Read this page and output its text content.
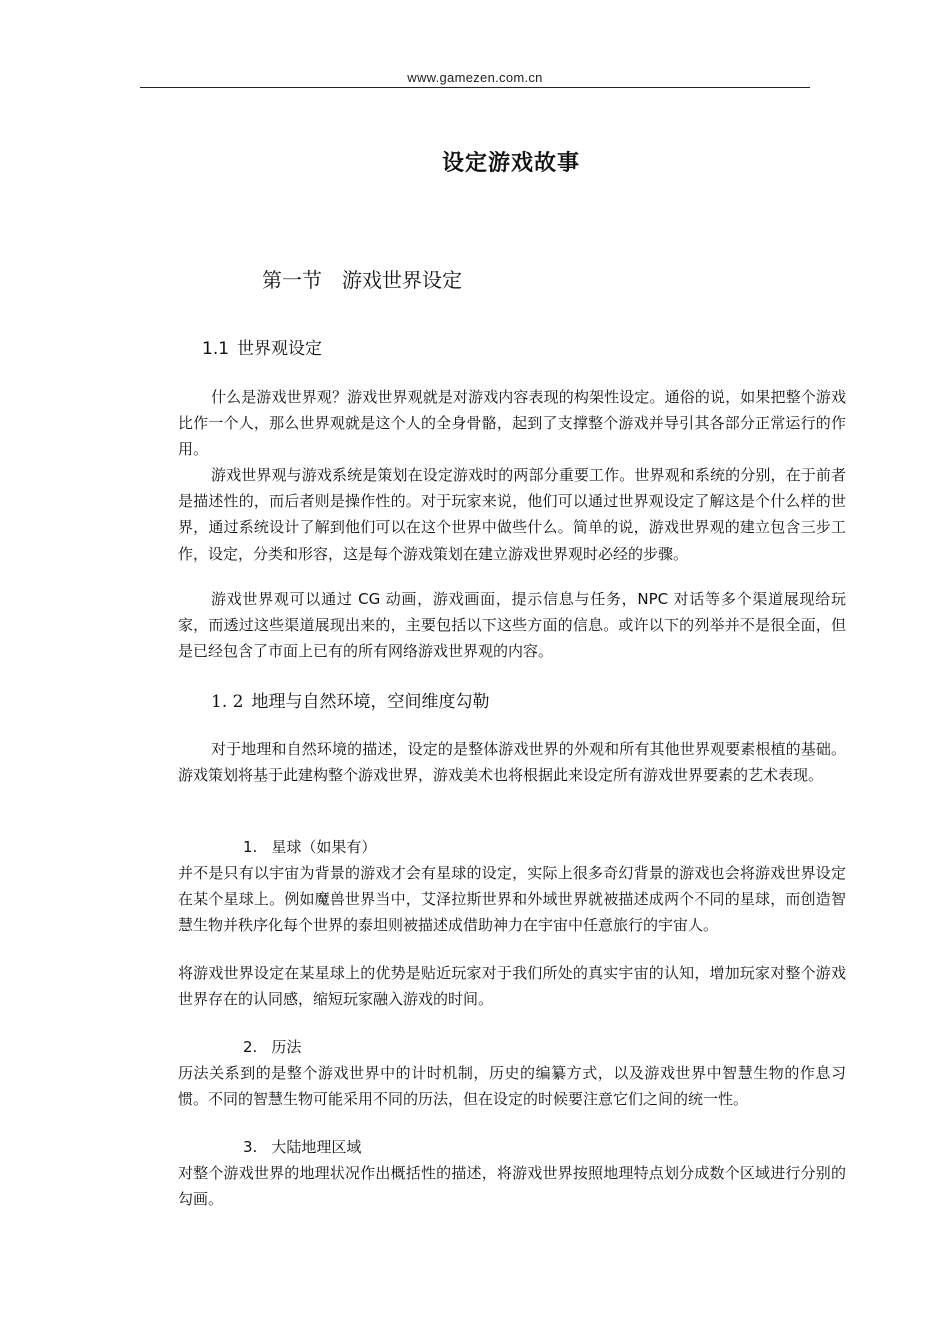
www.gamezen.com.cn
设定游戏故事
第一节 游戏世界设定
1.1 世界观设定

什么是游戏世界观？游戏世界观就是对游戏内容表现的构架性设定。通俗的说，如果把整个游戏比作一个人，那么世界观就是这个人的全身骨骼，起到了支撑整个游戏并导引其各部分正常运行的作用。

游戏世界观与游戏系统是策划在设定游戏时的两部分重要工作。世界观和系统的分别，在于前者是描述性的，而后者则是操作性的。对于玩家来说，他们可以通过世界观设定了解这是个什么样的世界，通过系统设计了解到他们可以在这个世界中做些什么。简单的说，游戏世界观的建立包含三步工作，设定，分类和形容，这是每个游戏策划在建立游戏世界观时必经的步骤。

游戏世界观可以通过 CG 动画，游戏画面，提示信息与任务，NPC 对话等多个渠道展现给玩家，而透过这些渠道展现出来的，主要包括以下这些方面的信息。或许以下的列举并不是很全面，但是已经包含了市面上已有的所有网络游戏世界观的内容。

1. 2 地理与自然环境，空间维度勾勒

对于地理和自然环境的描述，设定的是整体游戏世界的外观和所有其他世界观要素根植的基础。游戏策划将基于此建构整个游戏世界，游戏美术也将根据此来设定所有游戏世界要素的艺术表现。

1. 星球（如果有）

并不是只有以宇宙为背景的游戏才会有星球的设定，实际上很多奇幻背景的游戏也会将游戏世界设定在某个星球上。例如魔兽世界当中，艾泽拉斯世界和外域世界就被描述成两个不同的星球，而创造智慧生物并秩序化每个世界的泰坦则被描述成借助神力在宇宙中任意旅行的宇宙人。

将游戏世界设定在某星球上的优势是贴近玩家对于我们所处的真实宇宙的认知，增加玩家对整个游戏世界存在的认同感，缩短玩家融入游戏的时间。

2. 历法

历法关系到的是整个游戏世界中的计时机制，历史的编纂方式，以及游戏世界中智慧生物的作息习惯。不同的智慧生物可能采用不同的历法，但在设定的时候要注意它们之间的统一性。

3. 大陆地理区域

对整个游戏世界的地理状况作出概括性的描述，将游戏世界按照地理特点划分成数个区域进行分别的勾画。
